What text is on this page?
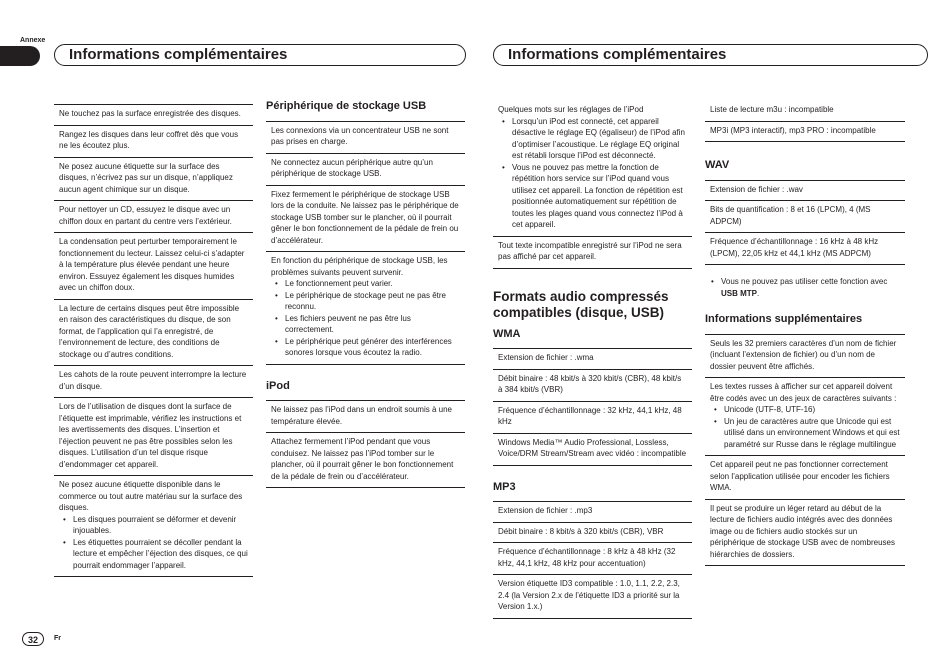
Annexe
Informations complémentaires	Informations complémentaires
Ne touchez pas la surface enregistrée des disques.
Rangez les disques dans leur coffret dès que vous ne les écoutez plus.
Ne posez aucune étiquette sur la surface des disques, n’écrivez pas sur un disque, n’appliquez aucun agent chimique sur un disque.
Pour nettoyer un CD, essuyez le disque avec un chiffon doux en partant du centre vers l’extérieur.
La condensation peut perturber temporairement le fonctionnement du lecteur. Laissez celui-ci s’adapter à la température plus élevée pendant une heure environ. Essuyez également les disques humides avec un chiffon doux.
La lecture de certains disques peut être impossible en raison des caractéristiques du disque, de son format, de l’application qui l’a enregistré, de l’environnement de lecture, des conditions de stockage ou d’autres conditions.
Les cahots de la route peuvent interrompre la lecture d’un disque.
Lors de l’utilisation de disques dont la surface de l’étiquette est imprimable, vérifiez les instructions et les avertissements des disques. L’insertion et l’éjection peuvent ne pas être possibles selon les disques. L’utilisation d’un tel disque risque d’endommager cet appareil.
Ne posez aucune étiquette disponible dans le commerce ou tout autre matériau sur la surface des disques.
• Les disques pourraient se déformer et devenir injouables.
• Les étiquettes pourraient se décoller pendant la lecture et empêcher l’éjection des disques, ce qui pourrait endommager l’appareil.
Périphérique de stockage USB
Les connexions via un concentrateur USB ne sont pas prises en charge.
Ne connectez aucun périphérique autre qu’un périphérique de stockage USB.
Fixez fermement le périphérique de stockage USB lors de la conduite. Ne laissez pas le périphérique de stockage USB tomber sur le plancher, où il pourrait gêner le bon fonctionnement de la pédale de frein ou d’accélérateur.
En fonction du périphérique de stockage USB, les problèmes suivants peuvent survenir.
• Le fonctionnement peut varier.
• Le périphérique de stockage peut ne pas être reconnu.
• Les fichiers peuvent ne pas être lus correctement.
• Le périphérique peut générer des interférences sonores lorsque vous écoutez la radio.
iPod
Ne laissez pas l’iPod dans un endroit soumis à une température élevée.
Attachez fermement l’iPod pendant que vous conduisez. Ne laissez pas l’iPod tomber sur le plancher, où il pourrait gêner le bon fonctionnement de la pédale de frein ou d’accélérateur.
Quelques mots sur les réglages de l’iPod
• Lorsqu’un iPod est connecté, cet appareil désactive le réglage EQ (égaliseur) de l’iPod afin d’optimiser l’acoustique. Le réglage EQ original est rétabli lorsque l’iPod est déconnecté.
• Vous ne pouvez pas mettre la fonction de répétition hors service sur l’iPod quand vous utilisez cet appareil. La fonction de répétition est positionnée automatiquement sur répétition de toutes les plages quand vous connectez l’iPod à cet appareil.
Tout texte incompatible enregistré sur l’iPod ne sera pas affiché par cet appareil.
Formats audio compressés compatibles (disque, USB)
WMA
Extension de fichier : .wma
Débit binaire : 48 kbit/s à 320 kbit/s (CBR), 48 kbit/s à 384 kbit/s (VBR)
Fréquence d’échantillonnage : 32 kHz, 44,1 kHz, 48 kHz
Windows Media™ Audio Professional, Lossless, Voice/DRM Stream/Stream avec vidéo : incompatible
MP3
Extension de fichier : .mp3
Débit binaire : 8 kbit/s à 320 kbit/s (CBR), VBR
Fréquence d’échantillonnage : 8 kHz à 48 kHz (32 kHz, 44,1 kHz, 48 kHz pour accentuation)
Version étiquette ID3 compatible : 1.0, 1.1, 2.2, 2.3, 2.4 (la Version 2.x de l’étiquette ID3 a priorité sur la Version 1.x.)
Liste de lecture m3u : incompatible
MP3i (MP3 interactif), mp3 PRO : incompatible
WAV
Extension de fichier : .wav
Bits de quantification : 8 et 16 (LPCM), 4 (MS ADPCM)
Fréquence d’échantillonnage : 16 kHz à 48 kHz (LPCM), 22,05 kHz et 44,1 kHz (MS ADPCM)
• Vous ne pouvez pas utiliser cette fonction avec USB MTP.
Informations supplémentaires
Seuls les 32 premiers caractères d’un nom de fichier (incluant l’extension de fichier) ou d’un nom de dossier peuvent être affichés.
Les textes russes à afficher sur cet appareil doivent être codés avec un des jeux de caractères suivants :
• Unicode (UTF-8, UTF-16)
• Un jeu de caractères autre que Unicode qui est utilisé dans un environnement Windows et qui est paramétré sur Russe dans le réglage multilingue
Cet appareil peut ne pas fonctionner correctement selon l’application utilisée pour encoder les fichiers WMA.
Il peut se produire un léger retard au début de la lecture de fichiers audio intégrés avec des données image ou de fichiers audio stockés sur un périphérique de stockage USB avec de nombreuses hiérarchies de dossiers.
32	Fr
